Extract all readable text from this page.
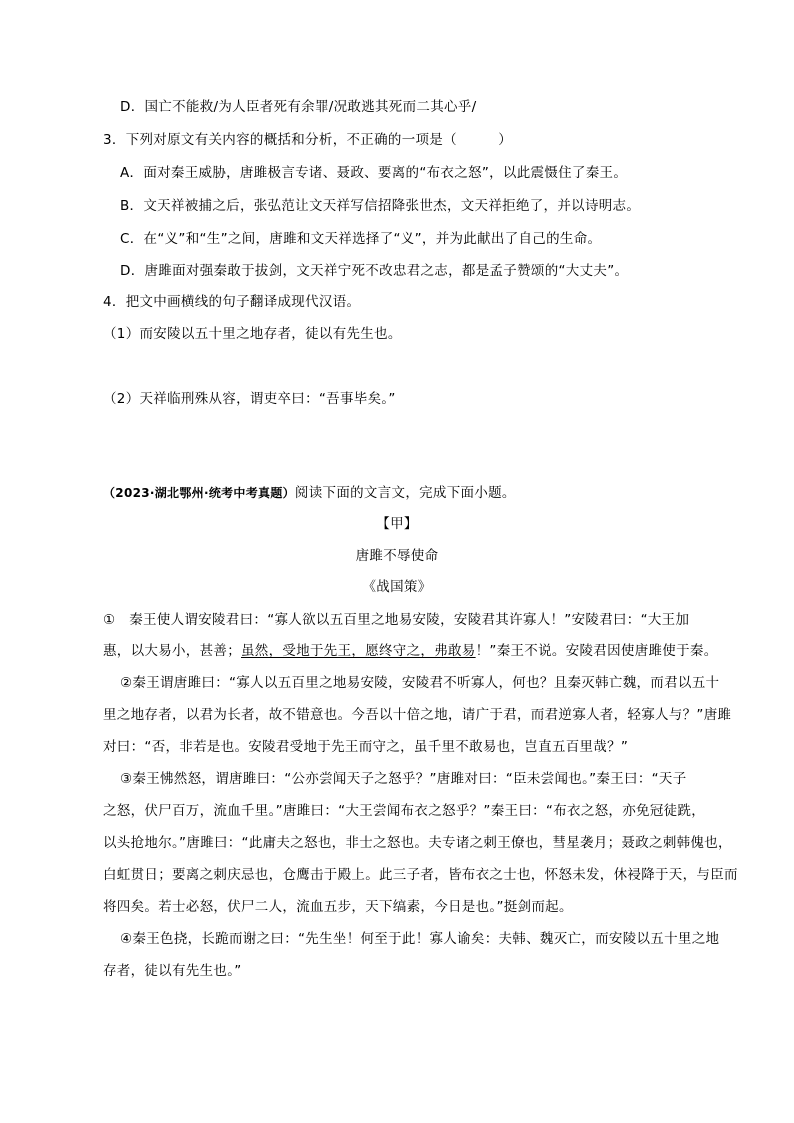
D．国亡不能救/为人臣者死有余罪/况敢逃其死而二其心乎/
3．下列对原文有关内容的概括和分析，不正确的一项是（　　　）
A．面对秦王威胁，唐雎极言专诸、聂政、要离的“布衣之怒”，以此震慑住了秦王。
B．文天祥被捕之后，张弘范让文天祥写信招降张世杰，文天祥拒绝了，并以诗明志。
C．在“义”和“生”之间，唐雎和文天祥选择了“义”，并为此献出了自己的生命。
D．唐雎面对强秦敢于拔剑，文天祥宁死不改忠君之志，都是孟子赞颂的“大丈夫”。
4．把文中画横线的句子翻译成现代汉语。
（1）而安陵以五十里之地存者，徒以有先生也。
（2）天祥临刑殊从容，谓吏卒曰：“吾事毕矣。”
（2023·湖北鄂州·统考中考真题）阅读下面的文言文，完成下面小题。
【甲】
唐雎不辱使命
《战国策》
①　秦王使人谓安陵君曰：“寡人欲以五百里之地易安陵，安陵君其许寡人！”安陵君曰：“大王加
惠，以大易小，甚善；虽然，受地于先王，愿终守之，弗敢易！”秦王不说。安陵君因使唐雎使于秦。
②秦王谓唐雎曰：“寡人以五百里之地易安陵，安陵君不听寡人，何也？且秦灭韩亡魏，而君以五十
里之地存者，以君为长者，故不错意也。今吾以十倍之地，请广于君，而君逆寡人者，轻寡人与？”唐雎
对曰：“否，非若是也。安陵君受地于先王而守之，虽千里不敢易也，岂直五百里哉？”
③秦王怫然怒，谓唐雎曰：“公亦尝闻天子之怒乎？”唐雎对曰：“臣未尝闻也。”秦王曰：“天子
之怒，伏尸百万，流血千里。”唐雎曰：“大王尝闻布衣之怒乎？”秦王曰：“布衣之怒，亦免冠徒跣，
以头抢地尔。”唐雎曰：“此庸夫之怒也，非士之怒也。夫专诸之刺王僚也，彗星袭月；聂政之刺韩傀也，
白虹贯日；要离之刺庆忌也，仓鹰击于殿上。此三子者，皆布衣之士也，怀怒未发，休祲降于天，与臣而
将四矣。若士必怒，伏尸二人，流血五步，天下缟素，今日是也。”挺剑而起。
④秦王色挠，长跪而谢之曰：“先生坐！何至于此！寡人谕矣：夫韩、魏灭亡，而安陵以五十里之地
存者，徒以有先生也。”
